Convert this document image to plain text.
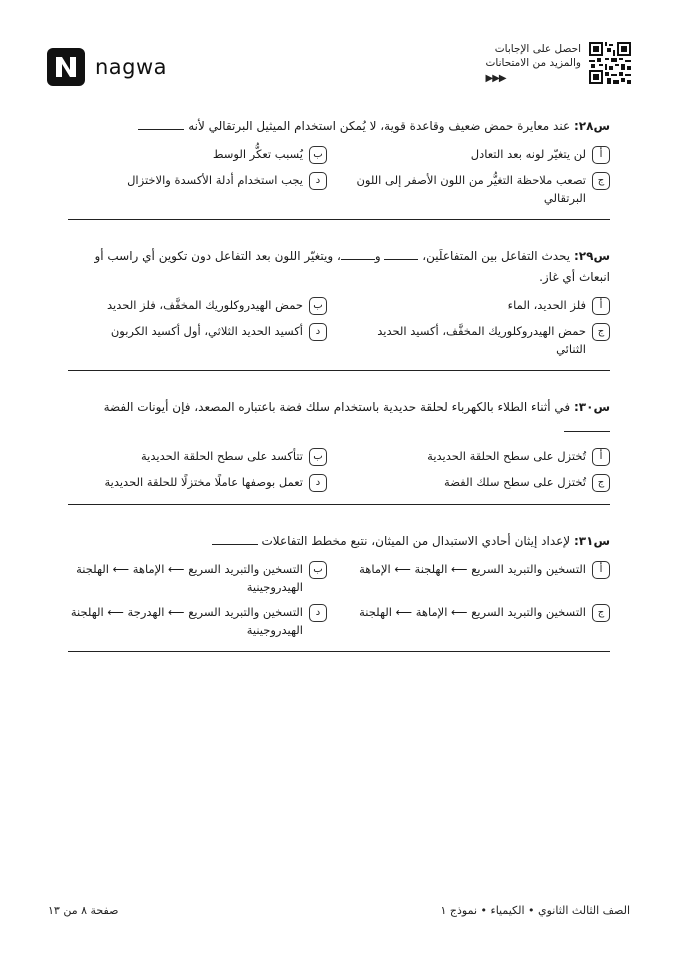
nagwa
احصل على الإجابات
والمزيد من الامتحانات
▶▶▶
س٢٨: عند معايرة حمض ضعيف وقاعدة قوية، لا يُمكن استخدام الميثيل البرتقالي لأنه
أ
لن يتغيّر لونه بعد التعادل
ب
يُسبب تعكُّر الوسط
ج
تصعب ملاحظة التغيُّر من اللون الأصفر إلى اللون البرتقالي
د
يجب استخدام أدلة الأكسدة والاختزال
س٢٩: يحدث التفاعل بين المتفاعلَين،  و، ويتغيّر اللون بعد التفاعل دون تكوين أي راسب أو انبعاث أي غاز.
أ
فلز الحديد، الماء
ب
حمض الهيدروكلوريك المخفَّف، فلز الحديد
ج
حمض الهيدروكلوريك المخفَّف، أكسيد الحديد الثنائي
د
أكسيد الحديد الثلاثي، أول أكسيد الكربون
س٣٠: في أثناء الطلاء بالكهرباء لحلقة حديدية باستخدام سلك فضة باعتباره المصعد، فإن أيونات الفضة
أ
تُختزل على سطح الحلقة الحديدية
ب
تتأكسد على سطح الحلقة الحديدية
ج
تُختزل على سطح سلك الفضة
د
تعمل بوصفها عاملًا مختزلًا للحلقة الحديدية
س٣١: لإعداد إيثان أحادي الاستبدال من الميثان، نتبع مخطط التفاعلات
أ
التسخين والتبريد السريع ⟵ الهلجنة ⟵ الإماهة
ب
التسخين والتبريد السريع ⟵ الإماهة ⟵ الهلجنة الهيدروجينية
ج
التسخين والتبريد السريع ⟵ الإماهة ⟵ الهلجنة
د
التسخين والتبريد السريع ⟵ الهدرجة ⟵ الهلجنة الهيدروجينية
الصف الثالث الثانوي • الكيمياء • نموذج ١
صفحة ٨ من ١٣
